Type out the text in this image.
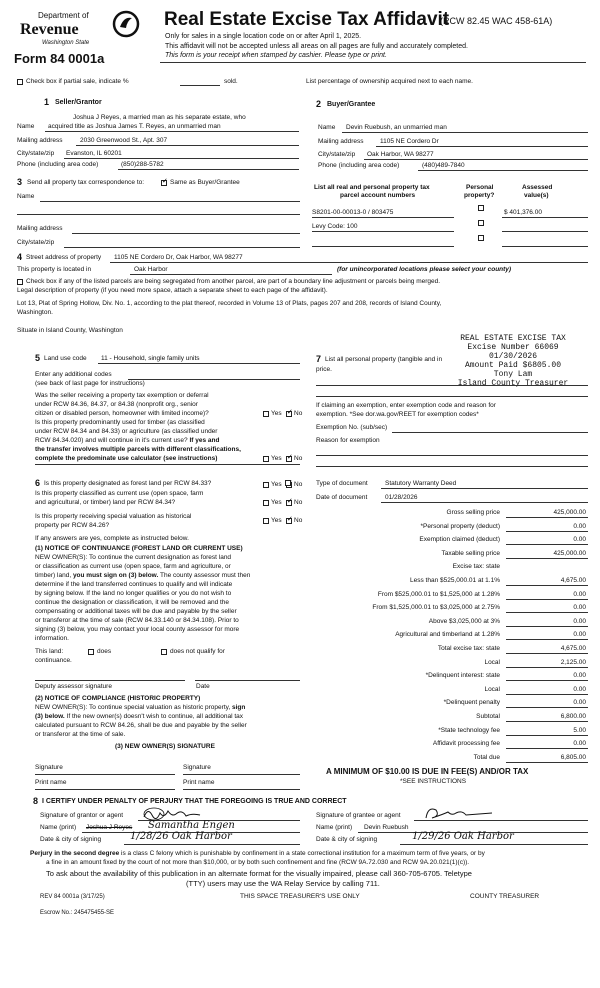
Department of
Revenue
Washington State
Form 84 0001a
Real Estate Excise Tax Affidavit
(RCW 82.45 WAC 458-61A)
Only for sales in a single location code on or after April 1, 2025.
This affidavit will not be accepted unless all areas on all pages are fully and accurately completed.
This form is your receipt when stamped by cashier. Please type or print.
Check box if partial sale, indicate %	sold.	List percentage of ownership acquired next to each name.
1 Seller/Grantor
Joshua J Reyes, a married man as his separate estate, who
Name acquired title as Joshua James T. Reyes, an unmarried man
Mailing address	2030 Greenwood St., Apt. 307
City/state/zip Evanston, IL 60201
Phone (including area code)	(850)288-5782
2 Buyer/Grantee
Name Devin Ruebush, an unmarried man
Mailing address	1105 NE Cordero Dr
City/state/zip Oak Harbor, WA 98277
Phone (including area code)	(480)489-7840
3 Send all property tax correspondence to: ✓	Same as Buyer/Grantee
Name
Mailing address
City/state/zip
List all real and personal property tax
parcel account numbers
Personal
property?
Assessed
value(s)
S8201-00-00013-0 / 803475	$ 401,376.00
Levy Code: 100
4 Street address of property 1105 NE Cordero Dr, Oak Harbor, WA 98277
This property is located in	Oak Harbor	(for unincorporated locations please select your county)
Check box if any of the listed parcels are being segregated from another parcel, are part of a boundary line adjustment or parcels being merged.
Legal description of property (if you need more space, attach a separate sheet to each page of the affidavit).
Lot 13, Plat of Spring Hollow, Div. No. 1, according to the plat thereof, recorded in Volume 13 of Plats, pages 207 and 208, records of Island County,
Washington.
Situate in Island County, Washington
REAL ESTATE EXCISE TAX
Excise Number 66069
01/30/2026
Amount Paid $6805.00
Tony Lam
Island County Treasurer
5 Land use code 11 - Household, single family units
Enter any additional codes
(see back of last page for instructions)
Was the seller receiving a property tax exemption or deferral
under RCW 84.36, 84.37, or 84.38 (nonprofit org., senior
citizen or disabled person, homeowner with limited income)?	Yes ✓ No
Is this property predominantly used for timber (as classified
under RCW 84.34 and 84.33) or agriculture (as classified under
RCW 84.34.020) and will continue in it's current use? If yes and
the transfer involves multiple parcels with different classifications,
complete the predominate use calculator (see instructions)	Yes ✓ No
7 List all personal property (tangible and in
price.
If claiming an exemption, enter exemption code and reason for
exemption. *See dor.wa.gov/REET for exemption codes*
Exemption No. (sub/sec)
Reason for exemption
6 Is this property designated as forest land per RCW 84.33?	Yes ✓ No
Is this property classified as current use (open space, farm
and agricultural, or timber) land per RCW 84.34?	Yes ✓ No
Is this property receiving special valuation as historical
property per RCW 84.26?
Yes ✓ No
If any answers are yes, complete as instructed below.
(1) NOTICE OF CONTINUANCE (FOREST LAND OR CURRENT USE)
NEW OWNER(S): To continue the current designation as forest land
or classification as current use (open space, farm and agriculture, or
timber) land, you must sign on (3) below. The county assessor must then
determine if the land transferred continues to qualify and will indicate
by signing below. If the land no longer qualifies or you do not wish to
continue the designation or classification, it will be removed and the
compensating or additional taxes will be due and payable by the seller
or transferor at the time of sale (RCW 84.33.140 or 84.34.108). Prior to
signing (3) below, you may contact your local county assessor for more
information.
This land:	does	does not qualify for
continuance.
Deputy assessor signature	Date
(2) NOTICE OF COMPLIANCE (HISTORIC PROPERTY)
NEW OWNER(S): To continue special valuation as historic property, sign
(3) below. If the new owner(s) doesn't wish to continue, all additional tax
calculated pursuant to RCW 84.26, shall be due and payable by the seller
or transferor at the time of sale.
(3) NEW OWNER(S) SIGNATURE
Signature	Signature
Print name	Print name
Type of document	Statutory Warranty Deed
Date of document	01/28/2026
Gross selling price	425,000.00
*Personal property (deduct)	0.00
Exemption claimed (deduct)	0.00
Taxable selling price	425,000.00
Excise tax: state
Less than $525,000.01 at 1.1%	4,675.00
From $525,000.01 to $1,525,000 at 1.28%	0.00
From $1,525,000.01 to $3,025,000 at 2.75%	0.00
Above $3,025,000 at 3%	0.00
Agricultural and timberland at 1.28%	0.00
Total excise tax: state	4,675.00
Local	2,125.00
*Delinquent interest: state	0.00
Local	0.00
*Delinquent penalty	0.00
Subtotal	6,800.00
*State technology fee	5.00
Affidavit processing fee	0.00
Total due	6,805.00
A MINIMUM OF $10.00 IS DUE IN FEE(S) AND/OR TAX
*SEE INSTRUCTIONS
8 I CERTIFY UNDER PENALTY OF PERJURY THAT THE FOREGOING IS TRUE AND CORRECT
Signature of grantor or agent
Name (print) Joshua J Reyes Samantha Engen
Date & city of signing	1/28/26 Oak Harbor
Signature of grantee or agent
Name (print) Devin Ruebush
Date & city of signing	1/29/26 Oak Harbor
Perjury in the second degree is a class C felony which is punishable by confinement in a state correctional institution for a maximum term of five years, or by
a fine in an amount fixed by the court of not more than $10,000, or by both such confinement and fine (RCW 9A.72.030 and RCW 9A.20.021(1)(c)).
To ask about the availability of this publication in an alternate format for the visually impaired, please call 360-705-6705. Teletype
(TTY) users may use the WA Relay Service by calling 711.
REV 84 0001a (3/17/25)	THIS SPACE TREASURER'S USE ONLY	COUNTY TREASURER
Escrow No.: 245475455-SE
